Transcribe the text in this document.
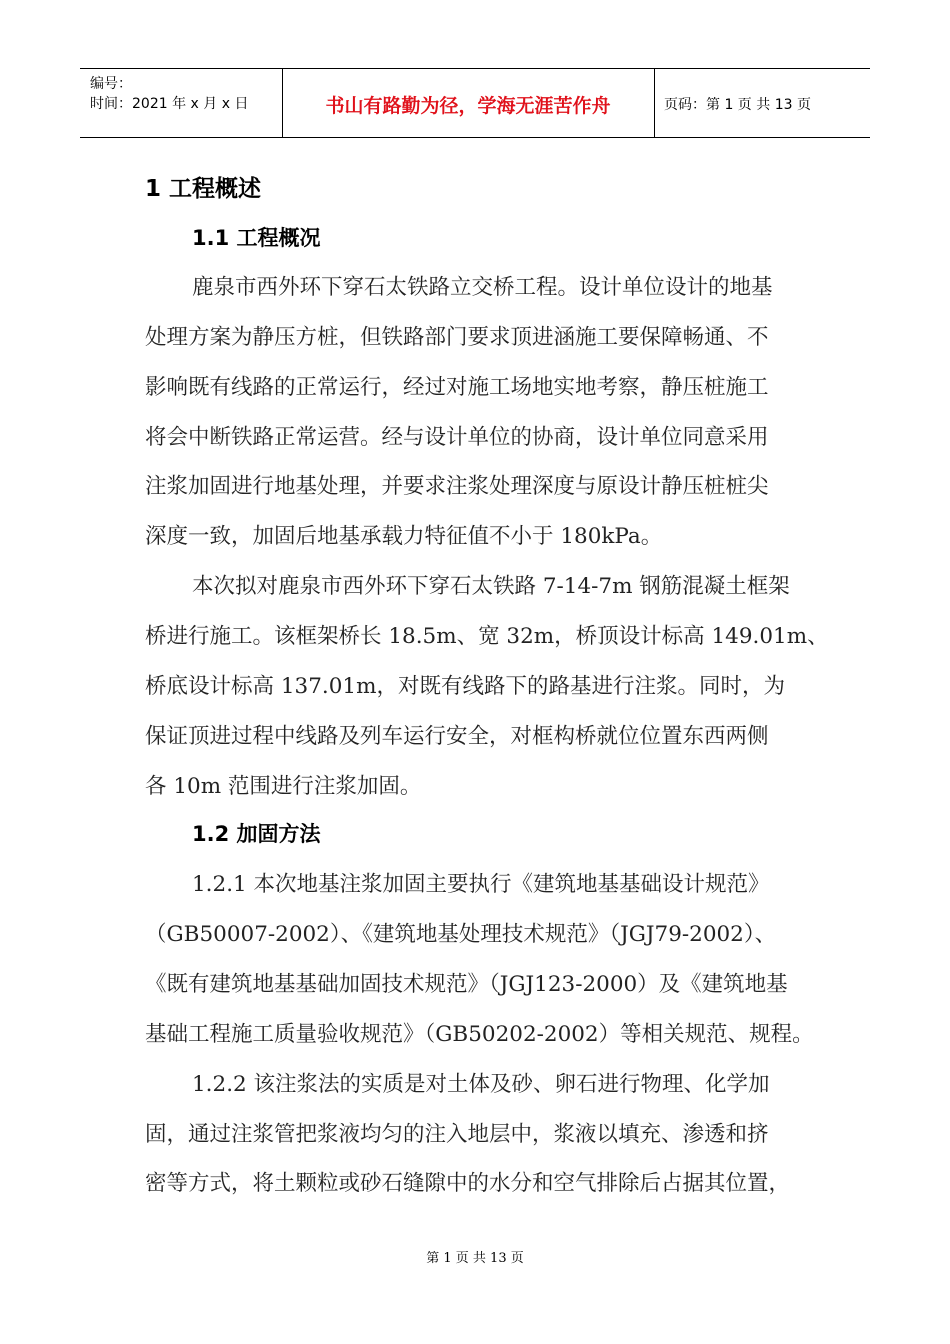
编号：
时间：2021 年 x 月 x 日	书山有路勤为径，学海无涯苦作舟	页码：第 1 页 共 13 页
1 工程概述
1.1 工程概况
鹿泉市西外环下穿石太铁路立交桥工程。设计单位设计的地基
处理方案为静压方桩，但铁路部门要求顶进涵施工要保障畅通、不
影响既有线路的正常运行，经过对施工场地实地考察，静压桩施工
将会中断铁路正常运营。经与设计单位的协商，设计单位同意采用
注浆加固进行地基处理，并要求注浆处理深度与原设计静压桩桩尖
深度一致，加固后地基承载力特征值不小于 180kPa。
本次拟对鹿泉市西外环下穿石太铁路 7-14-7m 钢筋混凝土框架
桥进行施工。该框架桥长 18.5m、宽 32m，桥顶设计标高 149.01m、
桥底设计标高 137.01m，对既有线路下的路基进行注浆。同时，为
保证顶进过程中线路及列车运行安全，对框构桥就位位置东西两侧
各 10m 范围进行注浆加固。
1.2 加固方法
1.2.1 本次地基注浆加固主要执行《建筑地基基础设计规范》
（GB50007-2002）、《建筑地基处理技术规范》（JGJ79-2002）、
《既有建筑地基基础加固技术规范》（JGJ123-2000）及《建筑地基
基础工程施工质量验收规范》（GB50202-2002）等相关规范、规程。
1.2.2 该注浆法的实质是对土体及砂、卵石进行物理、化学加
固，通过注浆管把浆液均匀的注入地层中，浆液以填充、渗透和挤
密等方式，将土颗粒或砂石缝隙中的水分和空气排除后占据其位置，
第 1 页 共 13 页
